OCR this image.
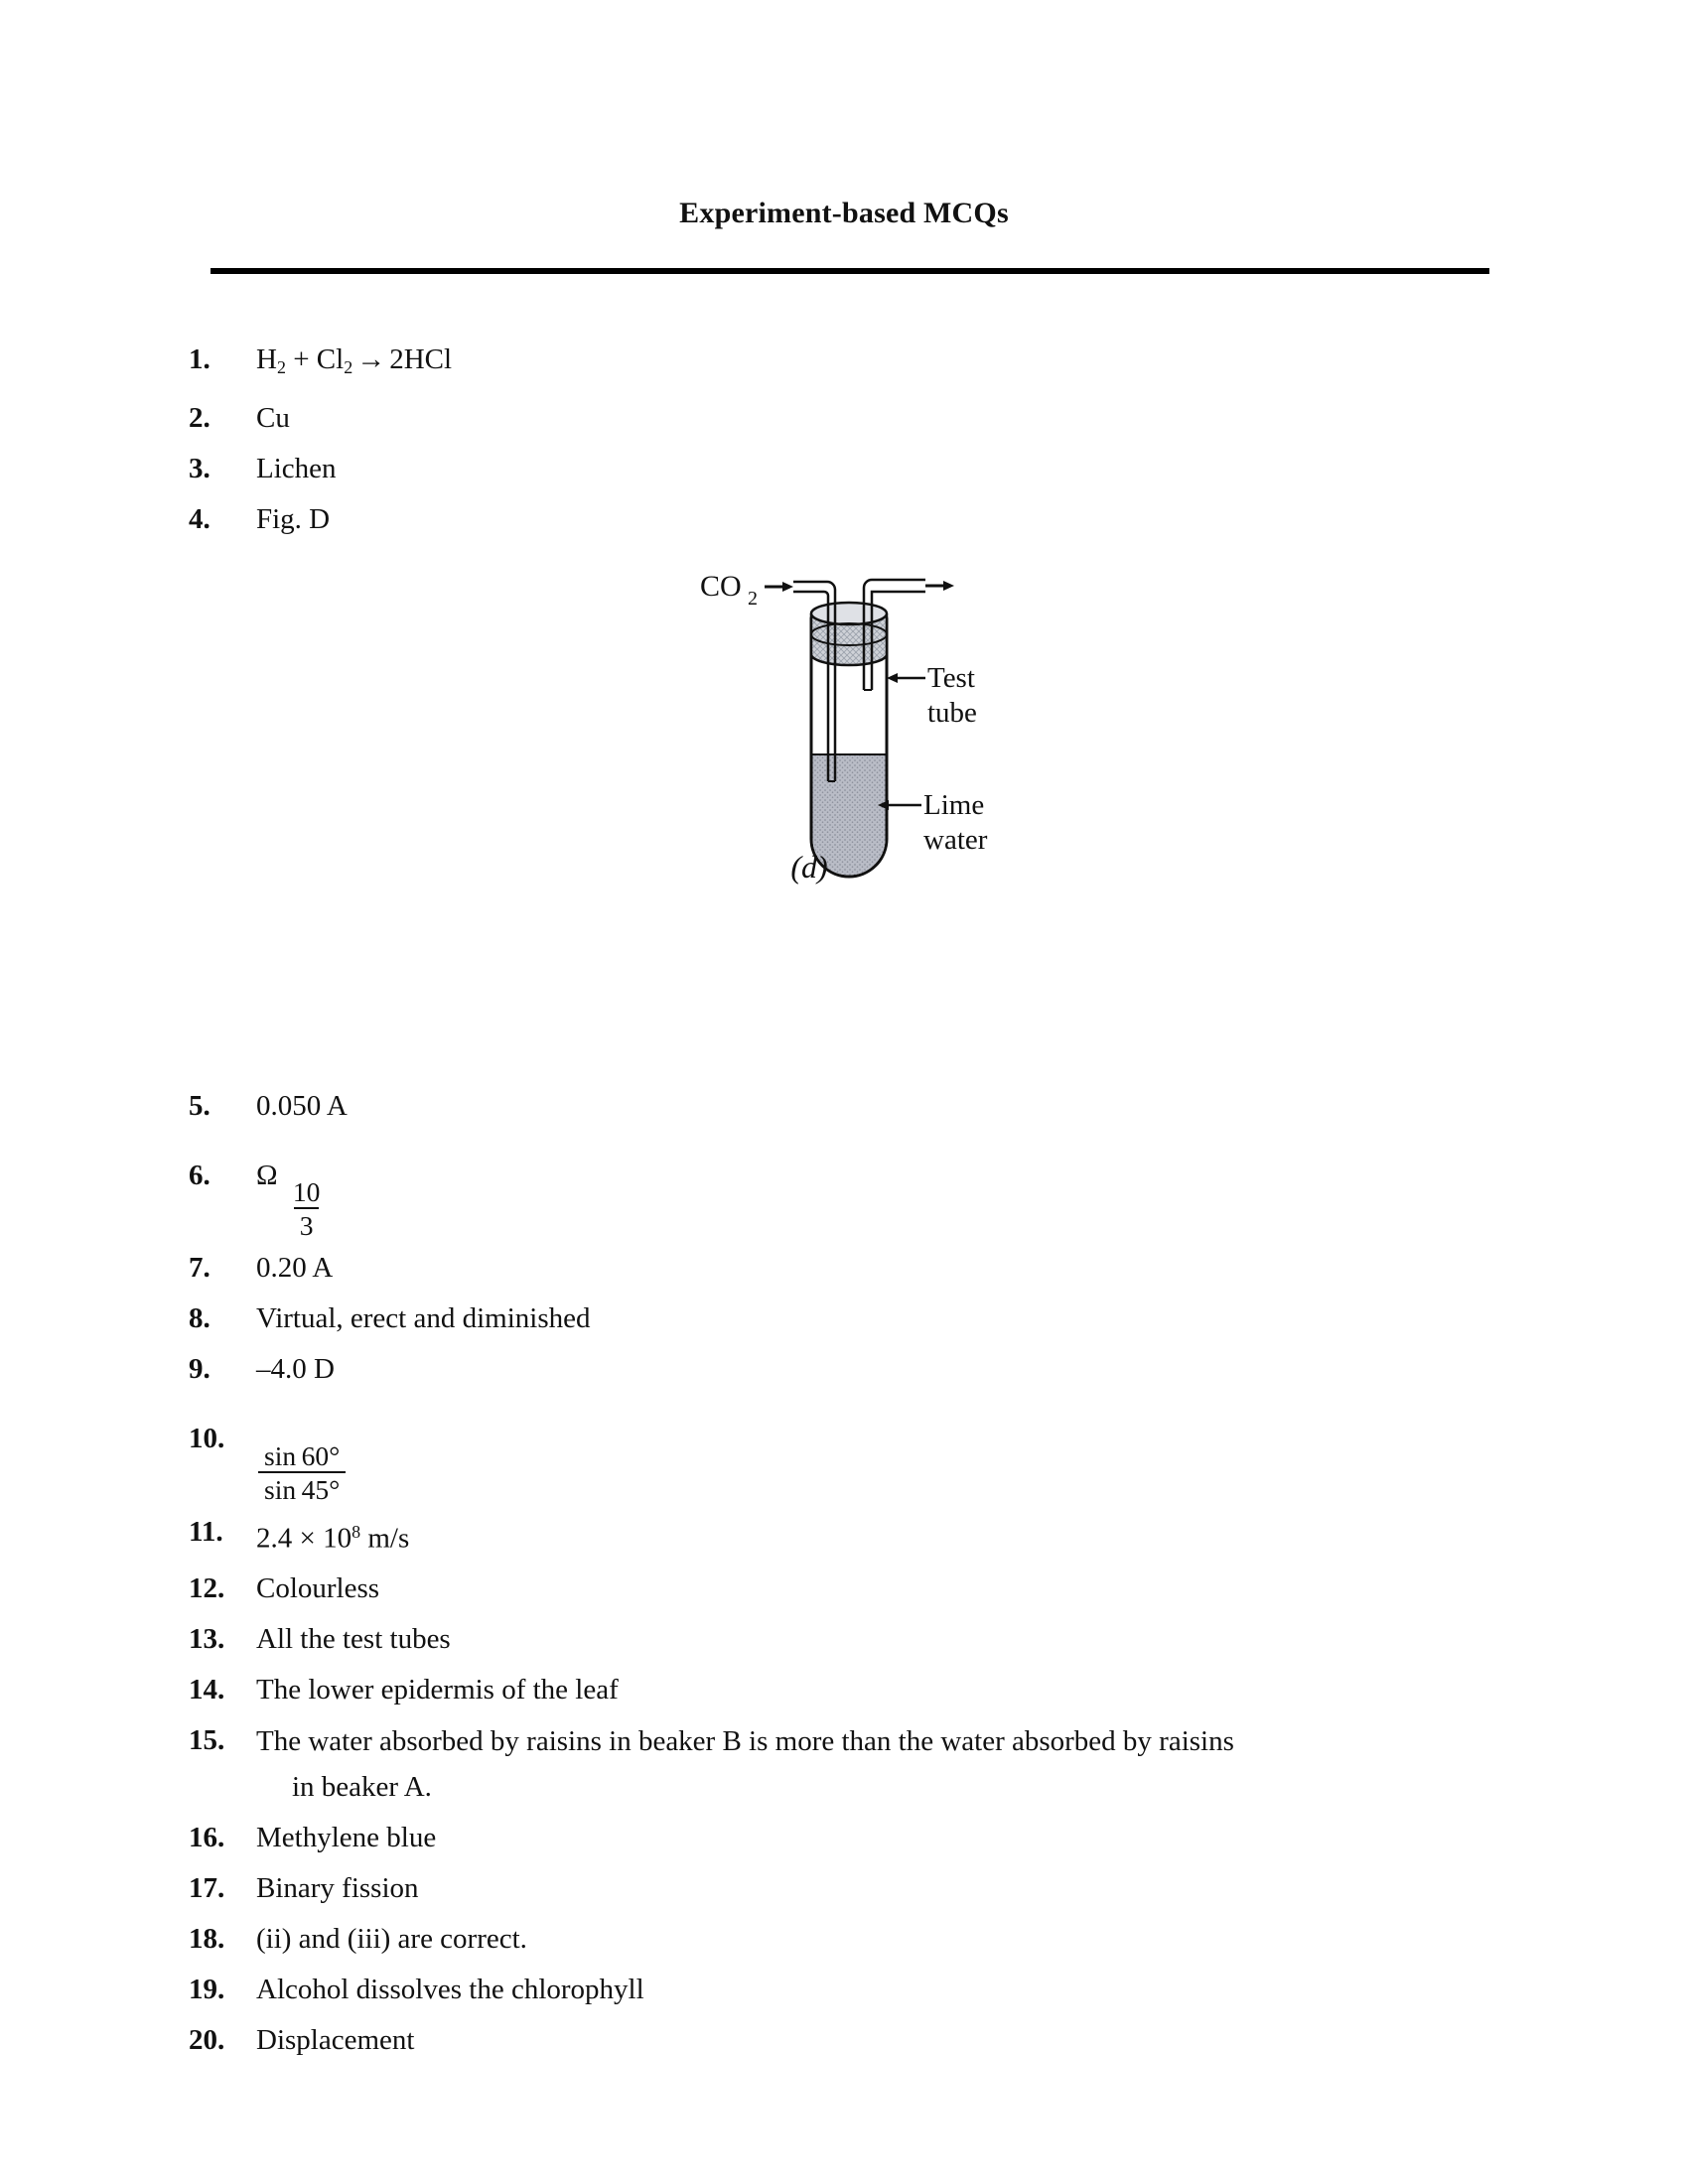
Experiment-based MCQs
1.	$H_2 + Cl_2 \to 2HCl$
2.	Cu
3.	Lichen
4.	Fig. D
5.	0.050 A
6.	Ω
$\frac{10}{3}$
7.	0.20 A
8.	Virtual, erect and diminished
9.	–4.0 D
10.
$\frac{\sin 60^\circ}{\sin 45^\circ}$
11.	$2.4 \times 10^8$ m/s
12.	Colourless
13.	All the test tubes
14.	The lower epidermis of the leaf
15.	The water absorbed by raisins in beaker B is more than the water absorbed by raisins
in beaker A.
16.	Methylene blue
17.	Binary fission
18.	(ii) and (iii) are correct.
19.	Alcohol dissolves the chlorophyll
20.	Displacement
CO 2
Test
tube
Lime
water
(d)
